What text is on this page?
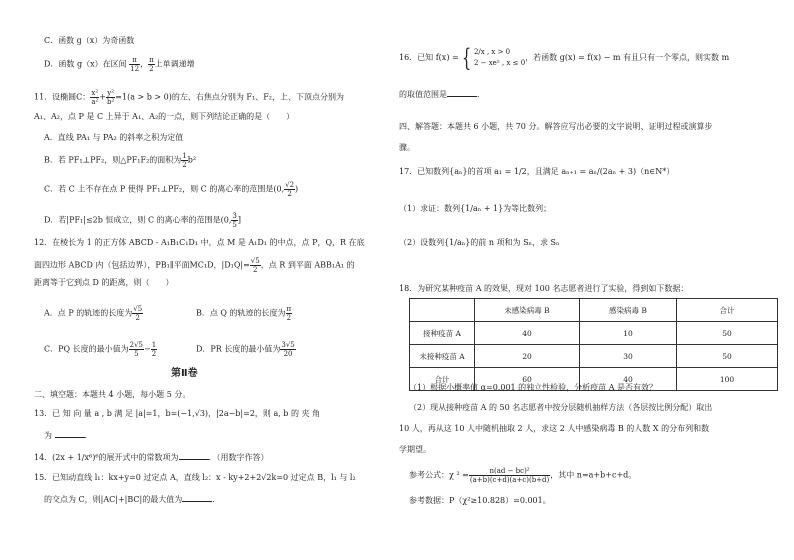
C．函数 g（x）为奇函数
D．函数 g（x）在区间 $\frac{\pi}{12}$ ， $\frac{\pi}{2}$ 上单调递增
11．设椭圆C： $\frac{\text{x²}}{\text{a²}} + \frac{\text{y²}}{\text{b²}} =1(a > b > 0)$的左、右焦点分别为 F₁、F₂，上、下顶点分别为
A₁、A₂，点 P 是 C 上异于 A₁、A₂的一点，则下列结论正确的是（　　）
A．直线 PA₁ 与 PA₂ 的斜率之积为定值
B．若 PF₁⊥PF₂，则△PF₁F₂的面积为 $\frac{1}{2} b^2$
C．若 C 上不存在点 P 使得 PF₁⊥PF₂，则 C 的离心率的范围是(0, $\frac{√2}{2}$ )
D．若|PF₁|≤2b 恒成立，则 C 的离心率的范围是(0, $\frac{3}{5}$ ]
12．在棱长为 1 的正方体 ABCD - A₁B₁C₁D₁ 中，点 M 是 A₁D₁ 的中点，点 P，Q，R 在底
面四边形 ABCD 内（包括边界），PB₁∥平面MC₁D，$|D_1Q|= \frac{√5}{2}$ ，点 R 到平面 ABB₁A₁ 的
距离等于它到点 D 的距离，则（　　）
A．点 P 的轨迹的长度为 $\frac{√5}{2}$	B．点 Q 的轨迹的长度为 $\frac{\pi}{2}$
C．PQ 长度的最小值为 $\frac{2√5}{5} - \frac{1}{2}$	D．PR 长度的最小值为 $\frac{3√5}{20}$
第Ⅱ卷
二、填空题：本题共 4 小题，每小题 5 分。
13．已 知 向 量 a , b 满 足 |a|=1，b=(−1,√3)，|2a−b|=2，则 a, b 的 夹 角
为	．
14．(2x + 1/x⁶)⁶的展开式中的常数项为	．（用数字作答）
15．已知动直线 l₁：kx+y=0 过定点 A，直线 l₂：x - ky+2+2√2k=0 过定点 B，l₁ 与 l₂
的交点为 C，则|AC|+|BC|的最大值为	．
16．已知 f(x) = { 2/x , x > 0
2 − xeˣ , x ≤ 0
，若函数 g(x) = f(x) − m 有且只有一个零点，则实数 m
的取值范围是	．
四、解答题：本题共 6 小题，共 70 分。解答应写出必要的文字说明、证明过程或演算步
骤。
17．已知数列{aₙ}的首项 a₁ = 1/2，且满足 aₙ₊₁ = aₙ/(2aₙ + 3)（n∈N*）
（1）求证：数列{1/aₙ + 1}为等比数列；
（2）设数列{1/aₙ}的前 n 项和为 Sₙ，求 Sₙ
18．为研究某种疫苗 A 的效果，现对 100 名志愿者进行了实验，得到如下数据：
	未感染病毒 B	感染病毒 B	合计
接种疫苗 A	40	10	50
未接种疫苗 A	20	30	50
合计	60	40	100
（1）根据小概率值 α=0.001 的独立性检验，分析疫苗 A 是否有效？
（2）现从接种疫苗 A 的 50 名志愿者中按分层随机抽样方法（各层按比例分配）取出
10 人，再从这 10 人中随机抽取 2 人，求这 2 人中感染病毒 B 的人数 X 的分布列和数
学期望。
参考公式：χ $^2 = \frac{\text{n(ad − bc)²}}{(a+b)(c+d)(a+c)(b+d)}$ ，其中 n=a+b+c+d。
参考数据：P（χ²≥10.828）=0.001。
